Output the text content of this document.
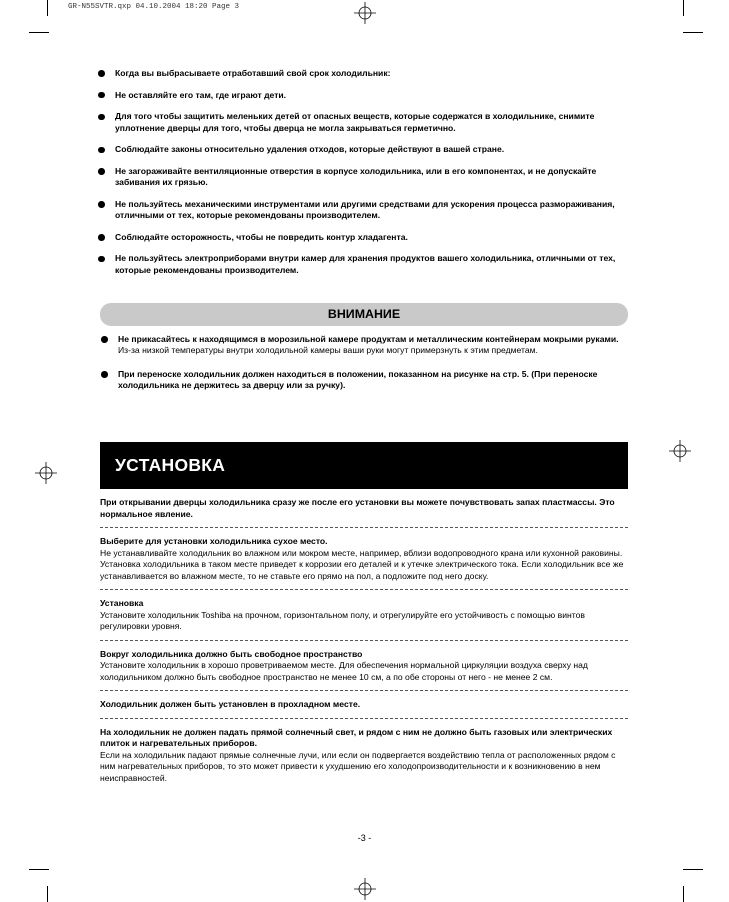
GR-N55SVTR.qxp 04.10.2004 18:20 Page 3
Когда вы выбрасываете отработавший свой срок холодильник:
Не оставляйте его там, где играют дети.
Для того чтобы защитить меленьких детей от опасных веществ, которые содержатся в холодильнике, снимите уплотнение дверцы для того, чтобы дверца не могла закрываться герметично.
Соблюдайте законы относительно удаления отходов, которые действуют в вашей стране.
Не загораживайте вентиляционные отверстия в корпусе холодильника, или в его компонентах, и не допускайте забивания их грязью.
Не пользуйтесь механическими инструментами или другими средствами для ускорения процесса размораживания, отличными от тех, которые рекомендованы производителем.
Соблюдайте осторожность, чтобы не повредить контур хладагента.
Не пользуйтесь электроприборами внутри камер для хранения продуктов вашего холодильника, отличными от тех, которые рекомендованы производителем.
ВНИМАНИЕ
Не прикасайтесь к находящимся в морозильной камере продуктам и металлическим контейнерам мокрыми руками.
Из-за низкой температуры внутри холодильной камеры ваши руки могут примерзнуть к этим предметам.
При переноске холодильник должен находиться в положении, показанном на рисунке на стр. 5. (При переноске холодильника не держитесь за дверцу или за ручку).
УСТАНОВКА

При открывании дверцы холодильника сразу же после его установки вы можете почувствовать запах пластмассы. Это нормальное явление.

Выберите для установки холодильника сухое место.

Не устанавливайте холодильник во влажном или мокром месте, например, вблизи водопроводного крана или кухонной раковины. Установка холодильника в таком месте приведет к коррозии его деталей и к утечке электрического тока. Если холодильник все же устанавливается во влажном месте, то не ставьте его прямо на пол, а подложите под него доску.

Установка

Установите холодильник Toshiba на прочном, горизонтальном полу, и отрегулируйте его устойчивость с помощью винтов регулировки уровня.

Вокруг холодильника должно быть свободное пространство

Установите холодильник в хорошо проветриваемом месте. Для обеспечения нормальной циркуляции воздуха сверху над холодильником должно быть свободное пространство не менее 10 см, а по обе стороны от него - не менее 2 см.

Холодильник должен быть установлен в прохладном месте.

На холодильник не должен падать прямой солнечный свет, и рядом с ним не должно быть газовых или электрических плиток и нагревательных приборов.

Если на холодильник падают прямые солнечные лучи, или если он подвергается воздействию тепла от расположенных рядом с ним нагревательных приборов, то это может привести к ухудшению его холодопроизводительности и к возникновению в нем неисправностей.

-3 -
